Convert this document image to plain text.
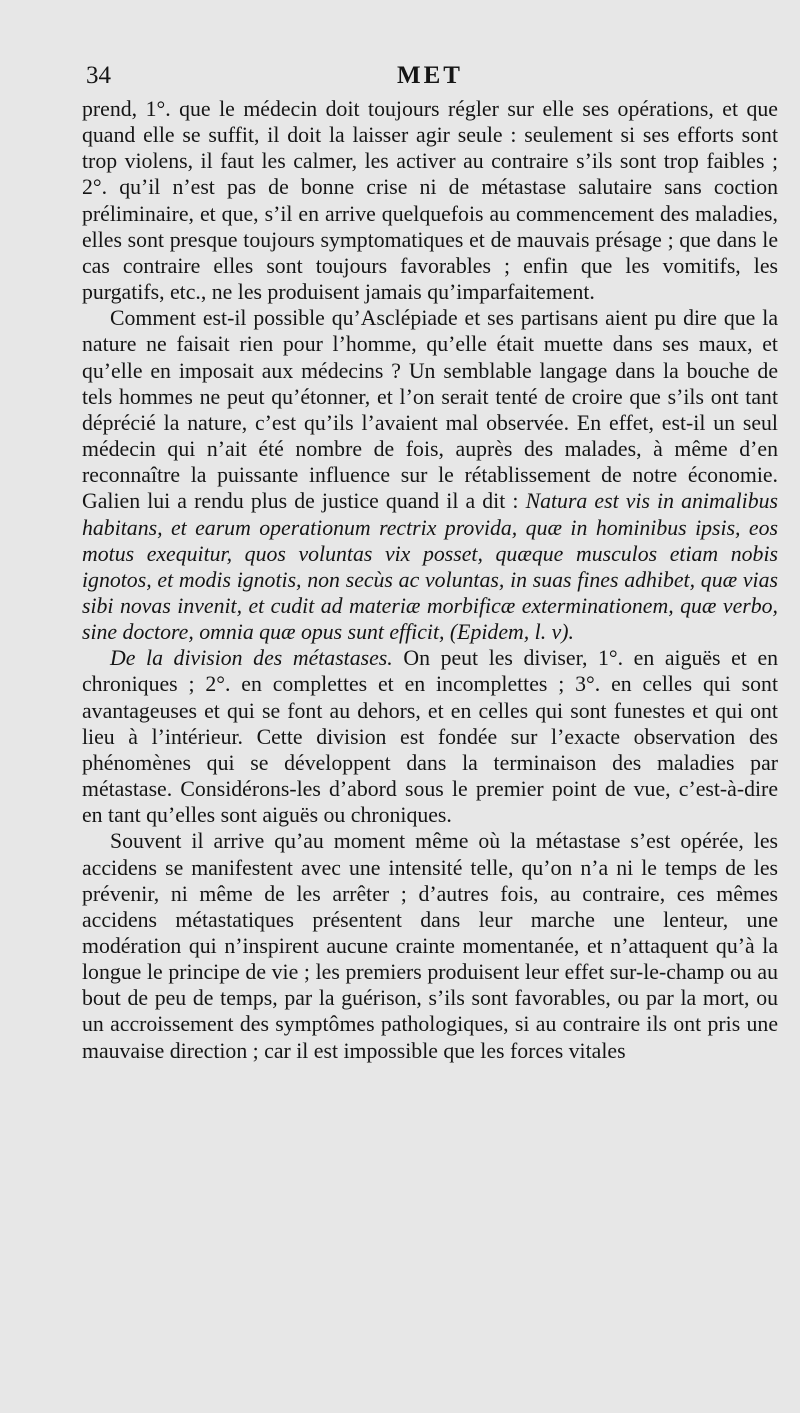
34	MET

prend, 1°. que le médecin doit toujours régler sur elle ses opérations, et que quand elle se suffit, il doit la laisser agir seule : seulement si ses efforts sont trop violens, il faut les calmer, les activer au contraire s’ils sont trop faibles ; 2°. qu’il n’est pas de bonne crise ni de métastase salutaire sans coction préliminaire, et que, s’il en arrive quelquefois au commencement des maladies, elles sont presque toujours symptomatiques et de mauvais présage ; que dans le cas contraire elles sont toujours favorables ; enfin que les vomitifs, les purgatifs, etc., ne les produisent jamais qu’imparfaitement.

Comment est-il possible qu’Asclépiade et ses partisans aient pu dire que la nature ne faisait rien pour l’homme, qu’elle était muette dans ses maux, et qu’elle en imposait aux médecins ? Un semblable langage dans la bouche de tels hommes ne peut qu’étonner, et l’on serait tenté de croire que s’ils ont tant déprécié la nature, c’est qu’ils l’avaient mal observée. En effet, est-il un seul médecin qui n’ait été nombre de fois, auprès des malades, à même d’en reconnaître la puissante influence sur le rétablissement de notre économie. Galien lui a rendu plus de justice quand il a dit : Natura est vis in animalibus habitans, et earum operationum rectrix provida, quæ in hominibus ipsis, eos motus exequitur, quos voluntas vix posset, quæque musculos etiam nobis ignotos, et modis ignotis, non secùs ac voluntas, in suas fines adhibet, quæ vias sibi novas invenit, et cudit ad materiæ morbificæ exterminationem, quæ verbo, sine doctore, omnia quæ opus sunt efficit, (Epidem, l. v).

De la division des métastases. On peut les diviser, 1°. en aiguës et en chroniques ; 2°. en complettes et en incomplettes ; 3°. en celles qui sont avantageuses et qui se font au dehors, et en celles qui sont funestes et qui ont lieu à l’intérieur. Cette division est fondée sur l’exacte observation des phénomènes qui se développent dans la terminaison des maladies par métastase. Considérons-les d’abord sous le premier point de vue, c’est-à-dire en tant qu’elles sont aiguës ou chroniques.

Souvent il arrive qu’au moment même où la métastase s’est opérée, les accidens se manifestent avec une intensité telle, qu’on n’a ni le temps de les prévenir, ni même de les arrêter ; d’autres fois, au contraire, ces mêmes accidens métastatiques présentent dans leur marche une lenteur, une modération qui n’inspirent aucune crainte momentanée, et n’attaquent qu’à la longue le principe de vie ; les premiers produisent leur effet sur-le-champ ou au bout de peu de temps, par la guérison, s’ils sont favorables, ou par la mort, ou un accroissement des symptômes pathologiques, si au contraire ils ont pris une mauvaise direction ; car il est impossible que les forces vitales
